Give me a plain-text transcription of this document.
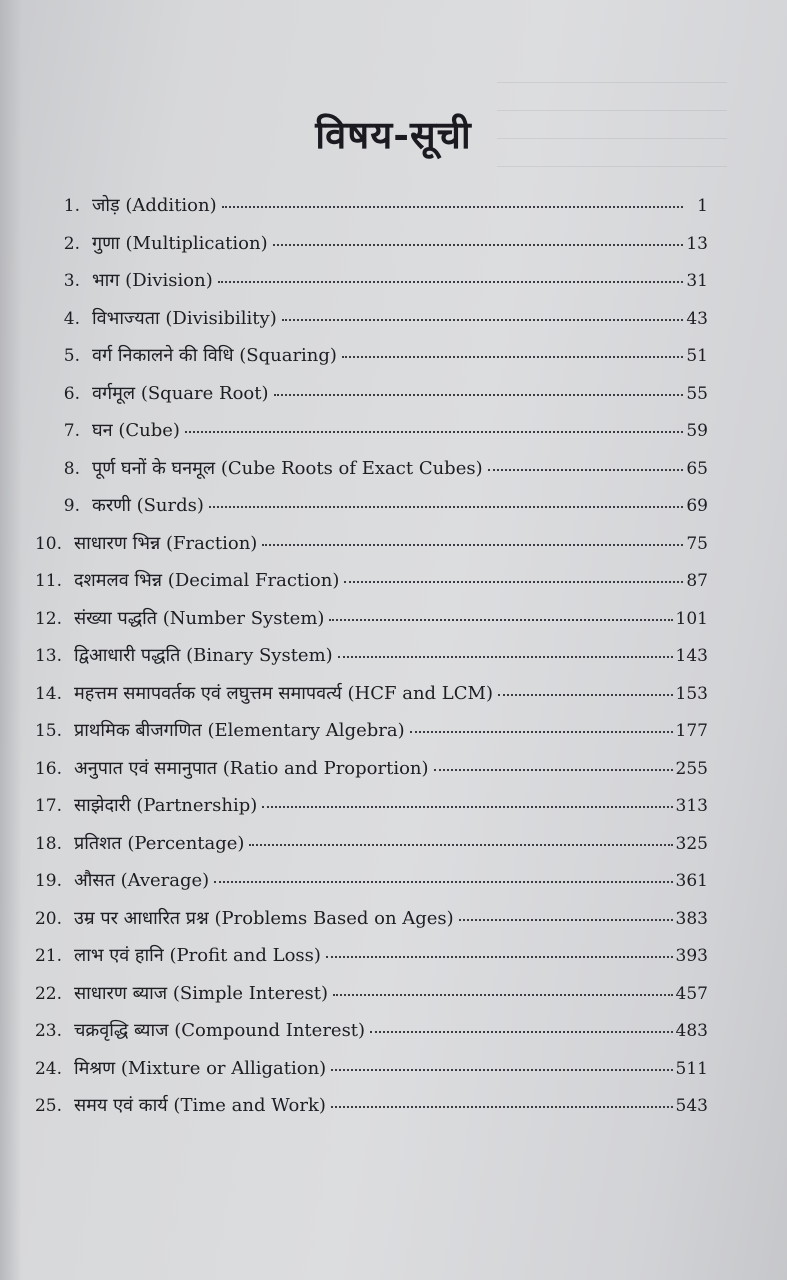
विषय-सूची
1. जोड़ (Addition)	1
2. गुणा (Multiplication)	13
3. भाग (Division)	31
4. विभाज्यता (Divisibility)	43
5. वर्ग निकालने की विधि (Squaring)	51
6. वर्गमूल (Square Root)	55
7. घन (Cube)	59
8. पूर्ण घनों के घनमूल (Cube Roots of Exact Cubes)	65
9. करणी (Surds)	69
10. साधारण भिन्न (Fraction)	75
11. दशमलव भिन्न (Decimal Fraction)	87
12. संख्या पद्धति (Number System)	101
13. द्विआधारी पद्धति (Binary System)	143
14. महत्तम समापवर्तक एवं लघुत्तम समापवर्त्य (HCF and LCM)	153
15. प्राथमिक बीजगणित (Elementary Algebra)	177
16. अनुपात एवं समानुपात (Ratio and Proportion)	255
17. साझेदारी (Partnership)	313
18. प्रतिशत (Percentage)	325
19. औसत (Average)	361
20. उम्र पर आधारित प्रश्न (Problems Based on Ages)	383
21. लाभ एवं हानि (Profit and Loss)	393
22. साधारण ब्याज (Simple Interest)	457
23. चक्रवृद्धि ब्याज (Compound Interest)	483
24. मिश्रण (Mixture or Alligation)	511
25. समय एवं कार्य (Time and Work)	543
